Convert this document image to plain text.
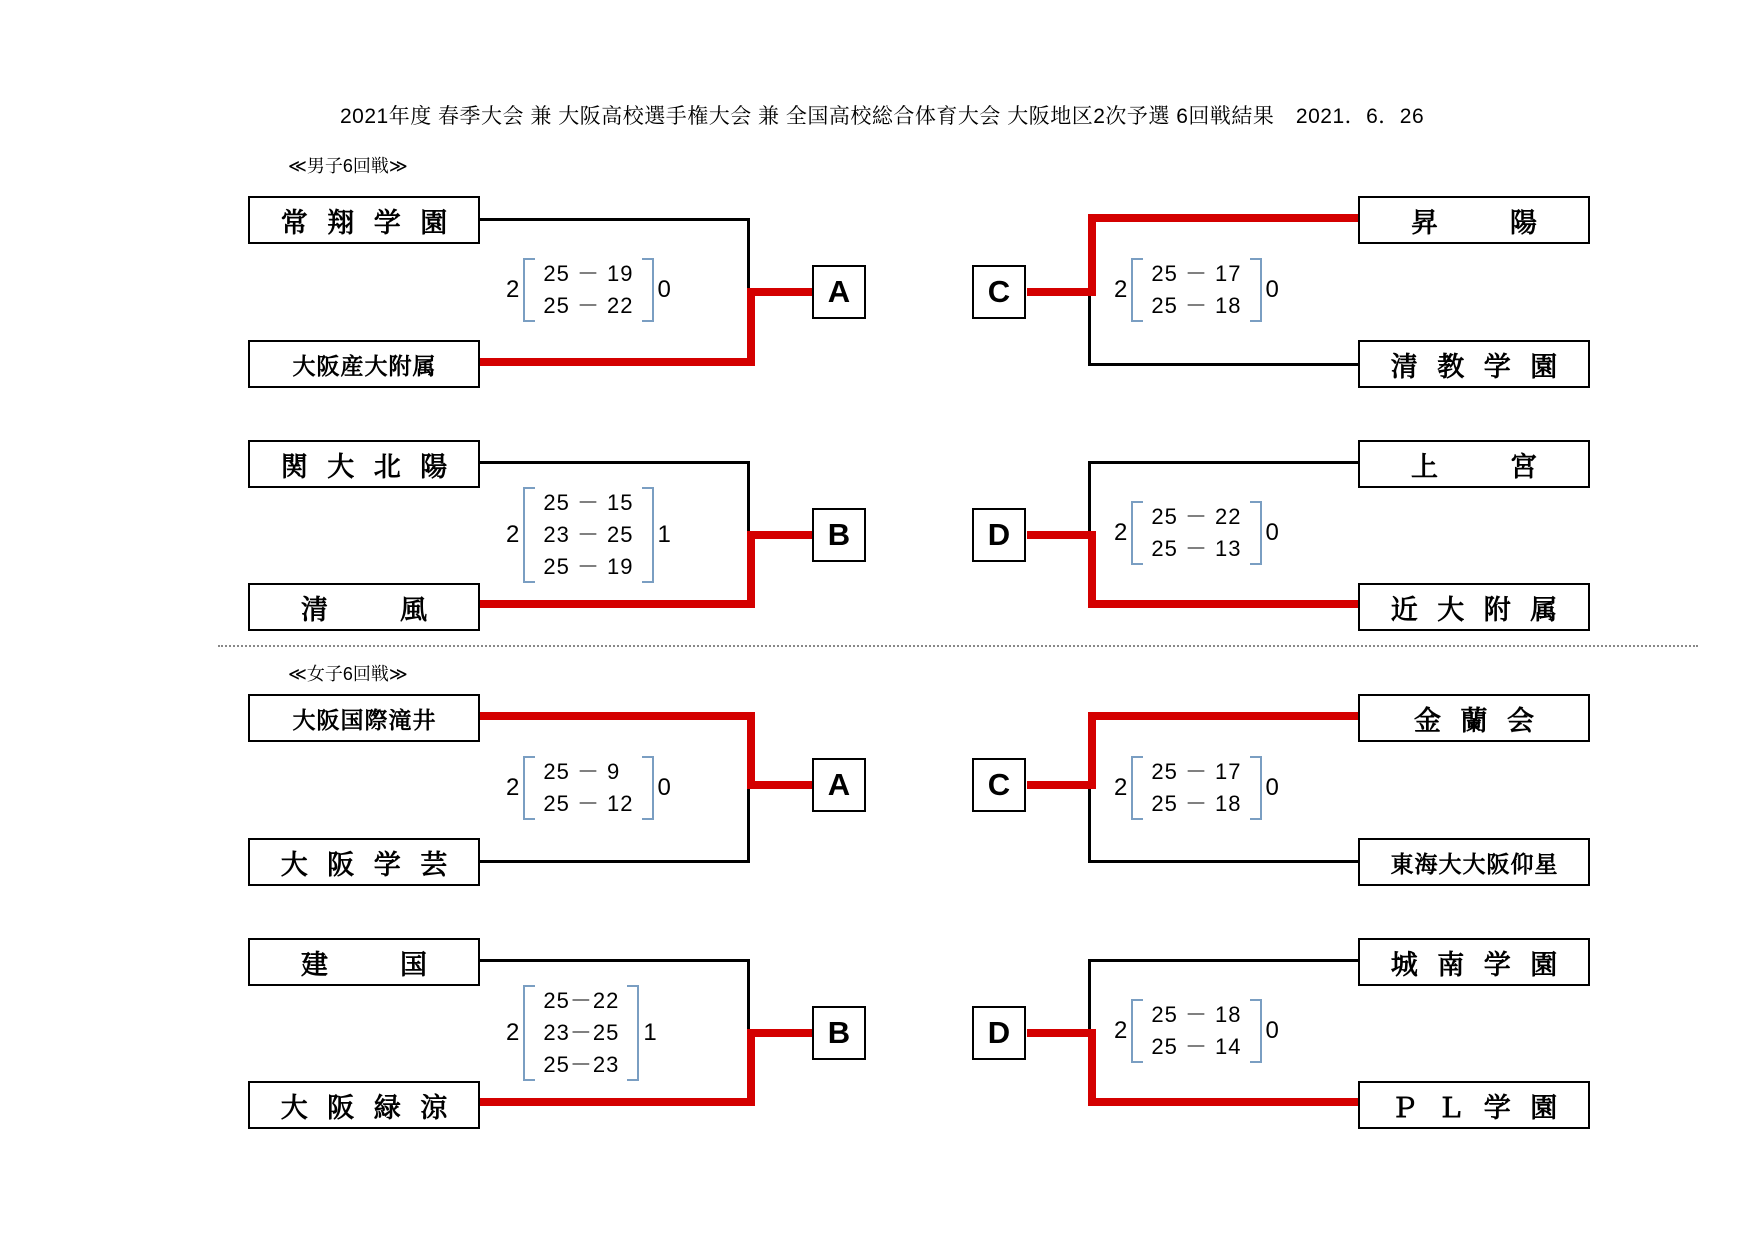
2021年度 春季大会 兼 大阪高校選手権大会 兼 全国高校総合体育大会 大阪地区2次予選 6回戦結果　2021．6．26
≪男子6回戦≫
≪女子6回戦≫
常 翔 学 園
大阪産大附属
A
2
25 － 19
25 － 22
0
昇　　陽
清 教 学 園
C	2
25 － 17
25 － 18
0
関 大 北 陽
清　　風
B
2
25 － 15
23 － 25
25 － 19
1
上　　宮
近 大 附 属
D	2
25 － 22
25 － 13
0
大阪国際滝井
大 阪 学 芸
A
2
25 － 9
25 － 12
0
金 蘭 会
東海大大阪仰星
C	2
25 － 17
25 － 18
0
建　　国
大 阪 緑 涼
B
2
25－22
23－25
25－23
1
城 南 学 園
Ｐ Ｌ 学 園
D	2
25 － 18
25 － 14
0
